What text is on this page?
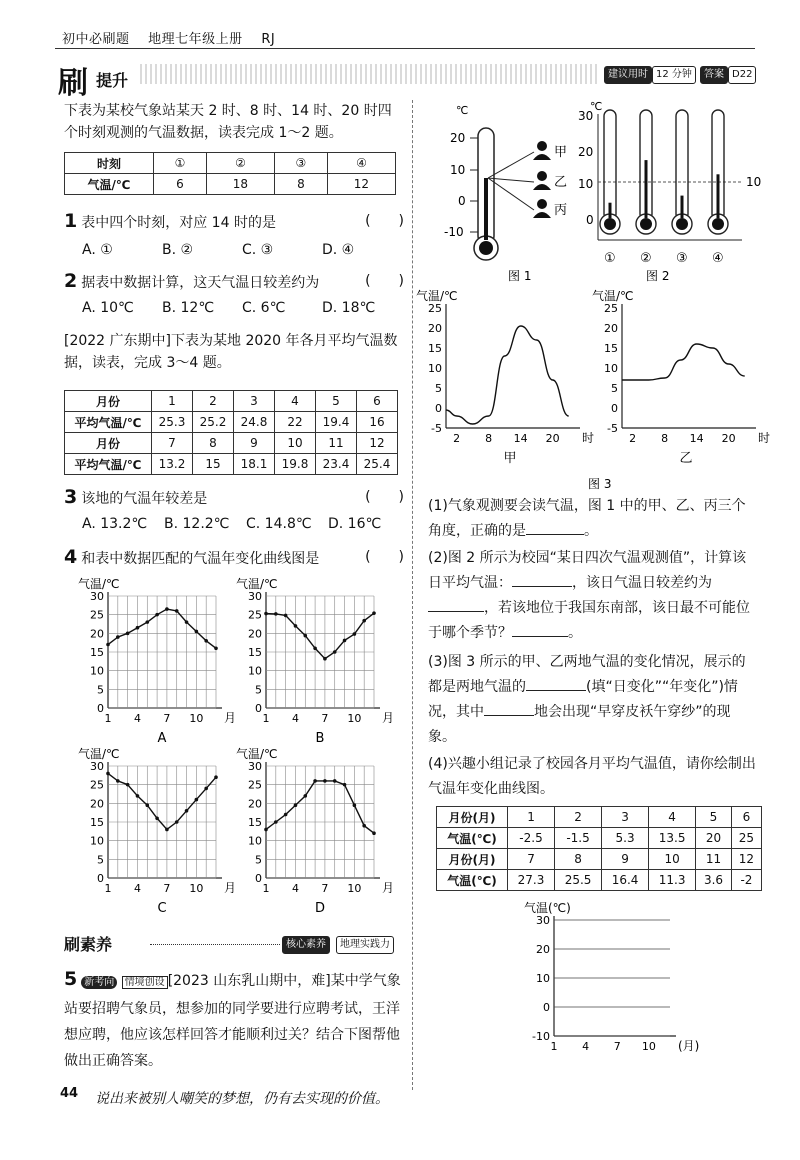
初中必刷题 地理七年级上册 RJ
刷 提升	建议用时 12 分钟	答案 D22
下表为某校气象站某天 2 时、8 时、14 时、20 时四个时刻观测的气温数据，读表完成 1～2 题。
时刻	①	②	③	④
气温/℃	6	18	8	12
1 表中四个时刻，对应 14 时的是	(　　)
A. ①	B. ②	C. ③	D. ④
2 据表中数据计算，这天气温日较差约为	(　　)
A. 10℃ B. 12℃ C. 6℃	D. 18℃
[2022 广东期中]下表为某地 2020 年各月平均气温数据，读表，完成 3～4 题。
月份	1	2	3	4	5	6
平均气温/℃	25.3	25.2	24.8	22	19.4	16
月份	7	8	9	10	11	12
平均气温/℃	13.2	15	18.1	19.8	23.4	25.4
3 该地的气温年较差是	(　　)
A. 13.2℃ B. 12.2℃ C. 14.8℃ D. 16℃
4 和表中数据匹配的气温年变化曲线图是	(　　)
气温/℃
0
5
10
15
20
25
30
1 4 7 10 月
A
气温/℃
0
5
10
15
20
25
30
1 4 7 10 月
B
气温/℃
0
5
10
15
20
25
30
1 4 7 10 月
C
气温/℃
0
5
10
15
20
25
30
1 4 7 10 月
D
刷素养	核心素养	地理实践力
5 新考向 情境创设 [2023 山东乳山期中，难]某中学气象站要招聘气象员，想参加的同学要进行应聘考试，王洋想应聘，他应该怎样回答才能顺利过关？结合下图帮他做出正确答案。
44 说出来被别人嘲笑的梦想，仍有去实现的价值。
℃
20
10
0
-10
甲
乙
丙
图 1
℃
30
20
10
0
10
① ② ③ ④
图 2
气温/℃
-5
0
5
10
15
20
25
2 8 14 20 时
甲
气温/℃
-5
0
5
10
15
20
25
2 8 14 20 时
乙
图 3
(1)气象观测要会读气温，图 1 中的甲、乙、丙三个角度，正确的是	。
(2)图 2 所示为校园“某日四次气温观测值”，计算该日平均气温：	，该日气温日较差约为，若该地位于我国东南部，该日最不可能位于哪个季节？	。
(3)图 3 所示的甲、乙两地气温的变化情况，展示的都是两地气温的	(填“日变化”“年变化”)情况，其中	地会出现“早穿皮袄午穿纱”的现象。
(4)兴趣小组记录了校园各月平均气温值，请你绘制出气温年变化曲线图。
月份(月)	1	2	3	4	5	6
气温(℃)	-2.5	-1.5	5.3	13.5	20	25
月份(月)	7	8	9	10	11	12
气温(℃)	27.3	25.5	16.4	11.3	3.6	-2
气温(℃)
-10
0
10
20
30
1 4 7 10 (月)
